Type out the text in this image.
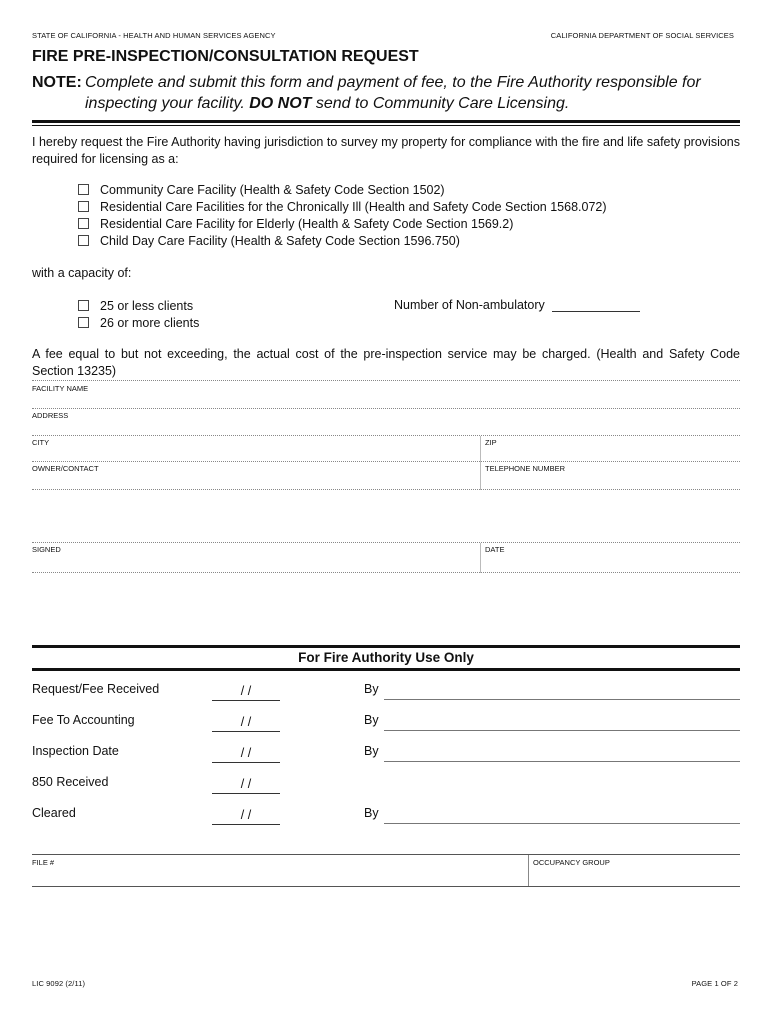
STATE OF CALIFORNIA - HEALTH AND HUMAN SERVICES AGENCY	CALIFORNIA DEPARTMENT OF SOCIAL SERVICES
FIRE PRE-INSPECTION/CONSULTATION REQUEST
NOTE: Complete and submit this form and payment of fee, to the Fire Authority responsible for
inspecting your facility. DO NOT send to Community Care Licensing.
I hereby request the Fire Authority having jurisdiction to survey my property for compliance with the fire and life safety provisions required for licensing as a:
Community Care Facility (Health & Safety Code Section 1502)
Residential Care Facilities for the Chronically Ill (Health and Safety Code Section 1568.072)
Residential Care Facility for Elderly (Health & Safety Code Section 1569.2)
Child Day Care Facility (Health & Safety Code Section 1596.750)
with a capacity of:
25 or less clients
26 or more clients
Number of Non-ambulatory
A fee equal to but not exceeding, the actual cost of the pre-inspection service may be charged. (Health and Safety Code Section 13235)
FACILITY NAME
ADDRESS
CITY	ZIP
OWNER/CONTACT	TELEPHONE NUMBER
SIGNED	DATE
For Fire Authority Use Only
Request/Fee Received	/ /	By
Fee To Accounting	/ /	By
Inspection Date	/ /	By
850 Received	/ /
Cleared	/ /	By
FILE #	OCCUPANCY GROUP
LIC 9092 (2/11)	PAGE 1 OF 2
